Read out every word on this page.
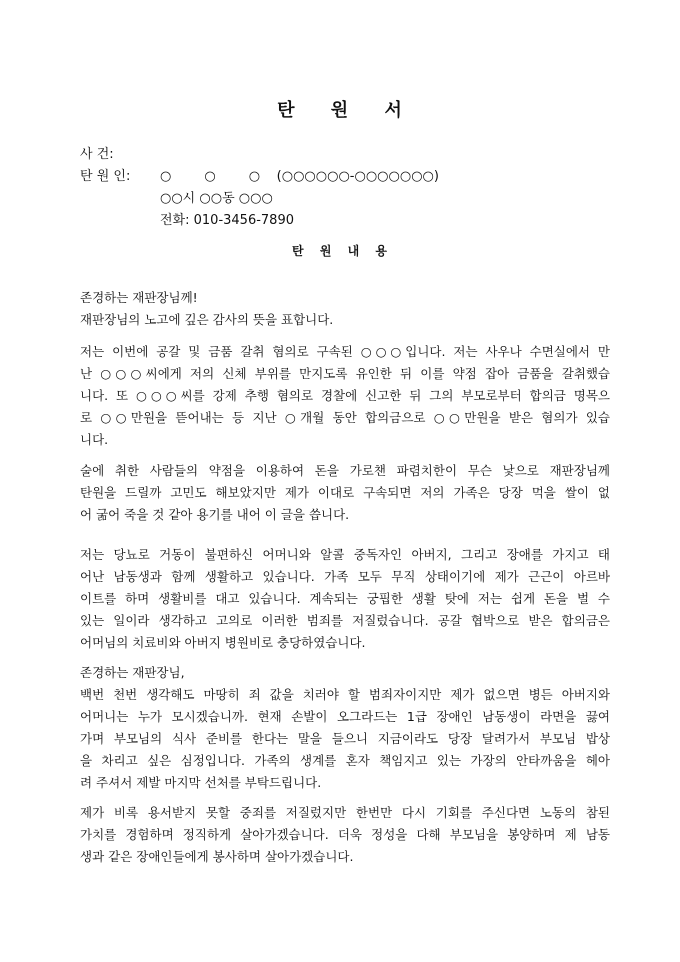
탄 원 서
사 건:
탄 원 인: ○        ○        ○    (○○○○○○-○○○○○○○)
○○시 ○○동 ○○○
전화: 010-3456-7890
탄 원 내 용
존경하는 재판장님께!
재판장님의 노고에 깊은 감사의 뜻을 표합니다.
저는 이번에 공갈 및 금품 갈취 혐의로 구속된 ○○○입니다. 저는 사우나 수면실에서 만
난 ○○○씨에게 저의 신체 부위를 만지도록 유인한 뒤 이를 약점 잡아 금품을 갈취했습
니다. 또 ○○○씨를 강제 추행 혐의로 경찰에 신고한 뒤 그의 부모로부터 합의금 명목으
로 ○○만원을 뜯어내는 등 지난 ○개월 동안 합의금으로 ○○만원을 받은 혐의가 있습
니다.
술에 취한 사람들의 약점을 이용하여 돈을 가로챈 파렴치한이 무슨 낯으로 재판장님께
탄원을 드릴까 고민도 해보았지만 제가 이대로 구속되면 저의 가족은 당장 먹을 쌀이 없
어 굶어 죽을 것 같아 용기를 내어 이 글을 씁니다.
저는 당뇨로 거동이 불편하신 어머니와 알콜 중독자인 아버지, 그리고 장애를 가지고 태
어난 남동생과 함께 생활하고 있습니다. 가족 모두 무직 상태이기에 제가 근근이 아르바
이트를 하며 생활비를 대고 있습니다. 계속되는 궁핍한 생활 탓에 저는 쉽게 돈을 벌 수
있는 일이라 생각하고 고의로 이러한 범죄를 저질렀습니다. 공갈 협박으로 받은 합의금은
어머님의 치료비와 아버지 병원비로 충당하였습니다.
존경하는 재판장님,
백번 천번 생각해도 마땅히 죄 값을 치러야 할 범죄자이지만 제가 없으면 병든 아버지와
어머니는 누가 모시겠습니까. 현재 손발이 오그라드는 1급 장애인 남동생이 라면을 끓여
가며 부모님의 식사 준비를 한다는 말을 들으니 지금이라도 당장 달려가서 부모님 밥상
을 차리고 싶은 심정입니다. 가족의 생계를 혼자 책임지고 있는 가장의 안타까움을 헤아
려 주셔서 제발 마지막 선처를 부탁드립니다.
제가 비록 용서받지 못할 중죄를 저질렀지만 한번만 다시 기회를 주신다면 노동의 참된
가치를 경험하며 정직하게 살아가겠습니다. 더욱 정성을 다해 부모님을 봉양하며 제 남동
생과 같은 장애인들에게 봉사하며 살아가겠습니다.
